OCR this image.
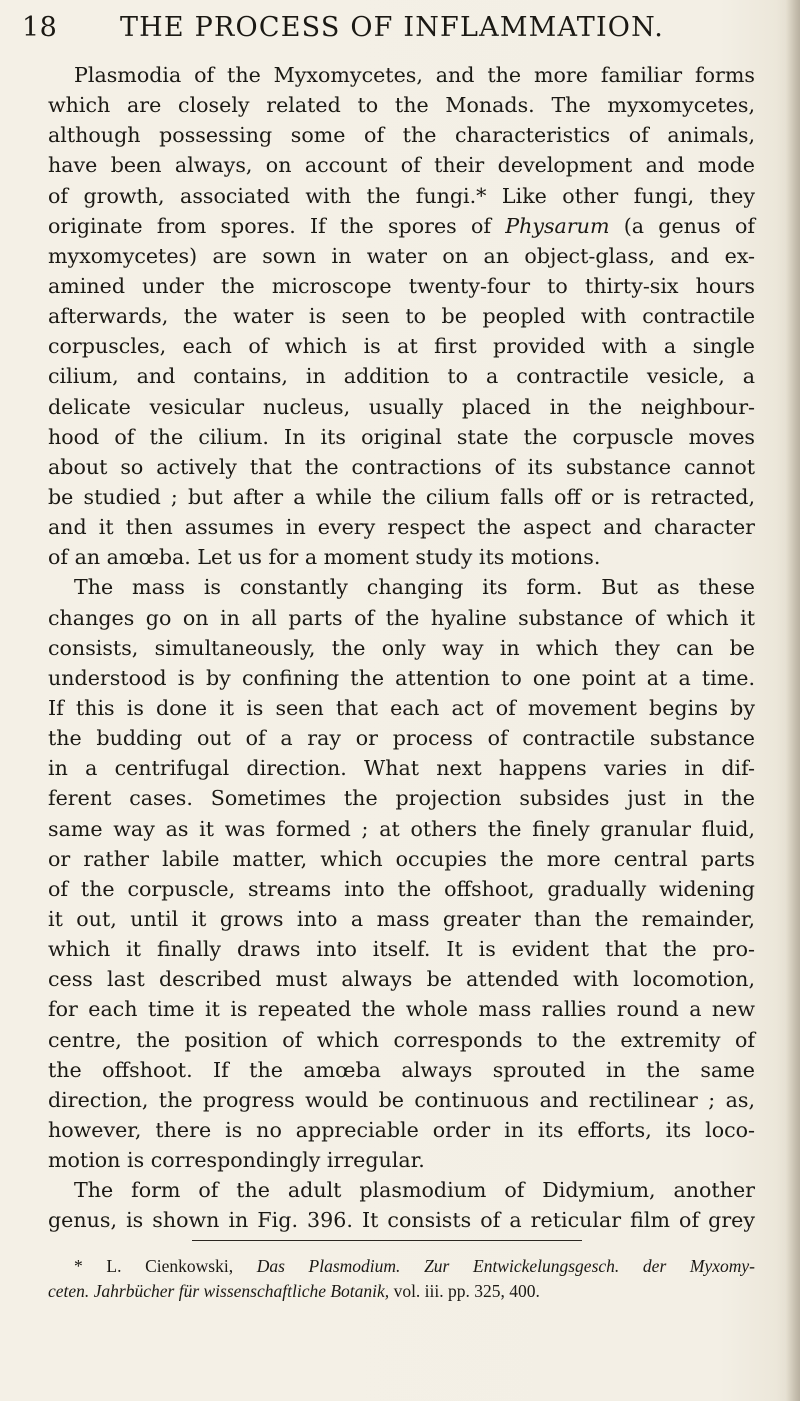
18	THE PROCESS OF INFLAMMATION.
Plasmodia of the Myxomycetes, and the more familiar forms
which are closely related to the Monads. The myxomycetes,
although possessing some of the characteristics of animals,
have been always, on account of their development and mode
of growth, associated with the fungi.* Like other fungi, they
originate from spores. If the spores of Physarum (a genus of
myxomycetes) are sown in water on an object-glass, and ex-
amined under the microscope twenty-four to thirty-six hours
afterwards, the water is seen to be peopled with contractile
corpuscles, each of which is at first provided with a single
cilium, and contains, in addition to a contractile vesicle, a
delicate vesicular nucleus, usually placed in the neighbour-
hood of the cilium. In its original state the corpuscle moves
about so actively that the contractions of its substance cannot
be studied ; but after a while the cilium falls off or is retracted,
and it then assumes in every respect the aspect and character
of an amœba. Let us for a moment study its motions.
The mass is constantly changing its form. But as these
changes go on in all parts of the hyaline substance of which it
consists, simultaneously, the only way in which they can be
understood is by confining the attention to one point at a time.
If this is done it is seen that each act of movement begins by
the budding out of a ray or process of contractile substance
in a centrifugal direction. What next happens varies in dif-
ferent cases. Sometimes the projection subsides just in the
same way as it was formed ; at others the finely granular fluid,
or rather labile matter, which occupies the more central parts
of the corpuscle, streams into the offshoot, gradually widening
it out, until it grows into a mass greater than the remainder,
which it finally draws into itself. It is evident that the pro-
cess last described must always be attended with locomotion,
for each time it is repeated the whole mass rallies round a new
centre, the position of which corresponds to the extremity of
the offshoot. If the amœba always sprouted in the same
direction, the progress would be continuous and rectilinear ; as,
however, there is no appreciable order in its efforts, its loco-
motion is correspondingly irregular.
The form of the adult plasmodium of Didymium, another
genus, is shown in Fig. 396. It consists of a reticular film of grey
* L. Cienkowski, Das Plasmodium. Zur Entwickelungsgesch. der Myxomy-
ceten. Jahrbücher für wissenschaftliche Botanik, vol. iii. pp. 325, 400.
